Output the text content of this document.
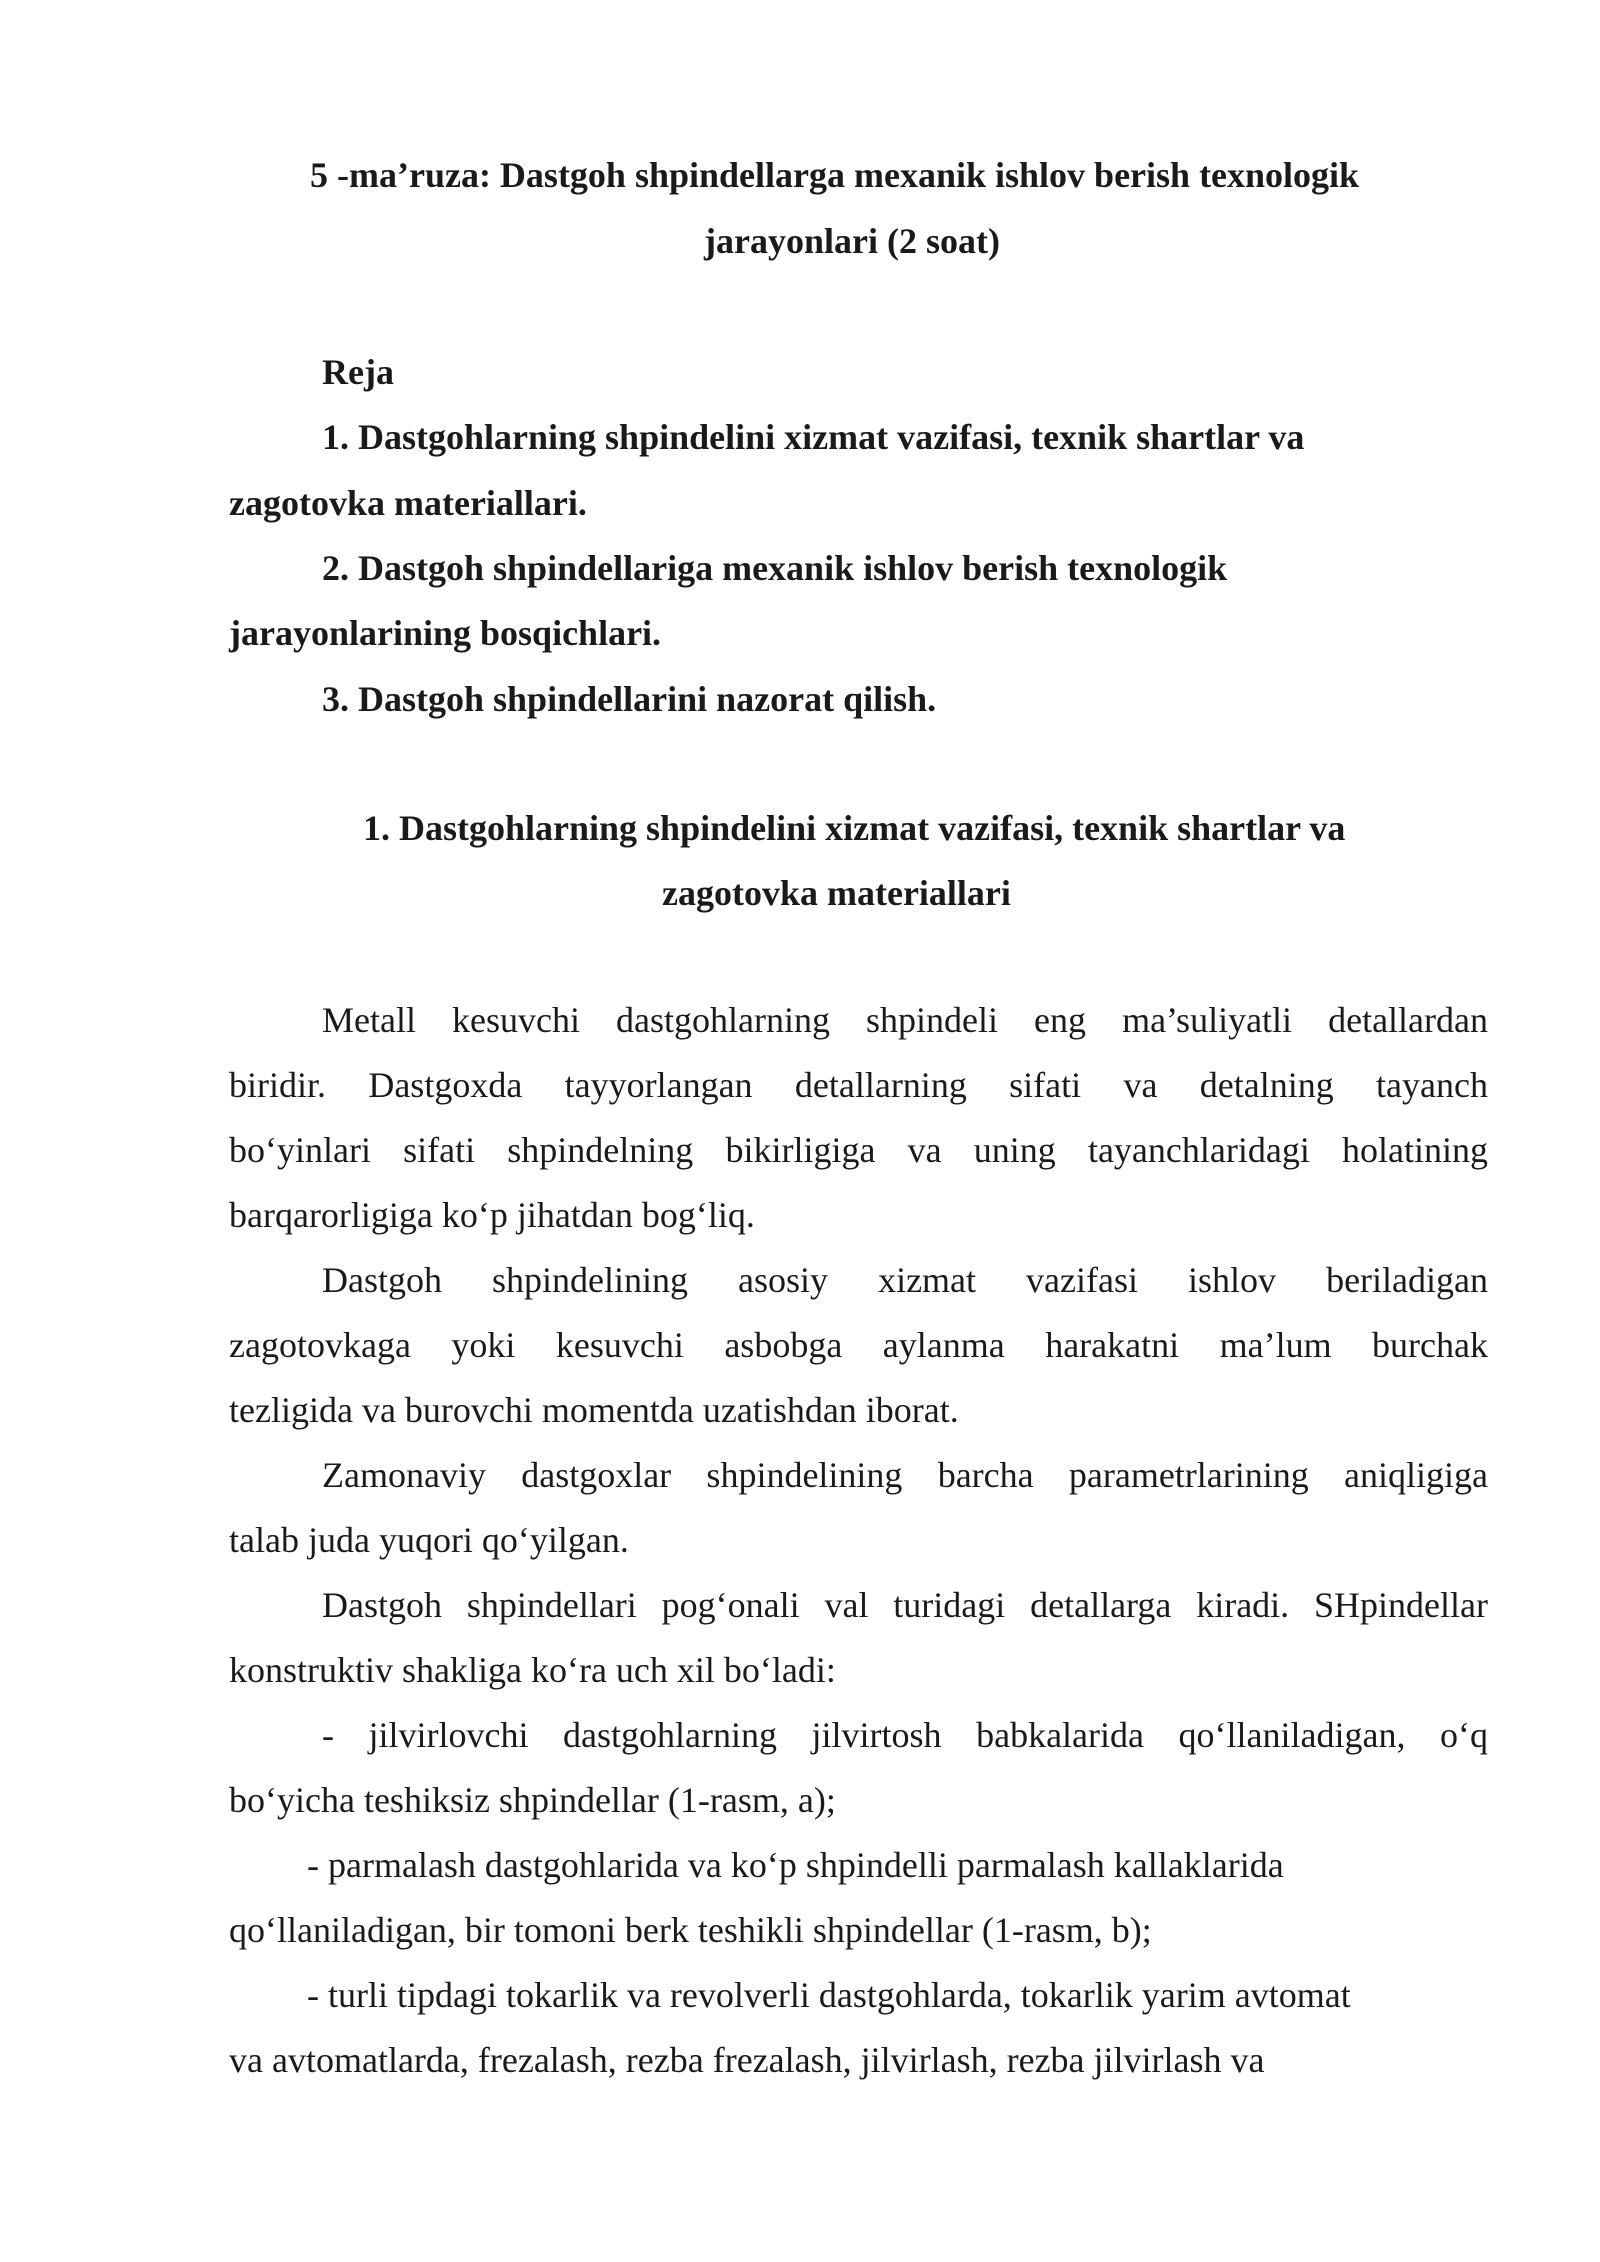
5 -ma’ruza: Dastgoh shpindellarga mexanik ishlov berish texnologik
jarayonlari (2 soat)
Reja
1. Dastgohlarning shpindelini xizmat vazifasi, texnik shartlar va
zagotovka materiallari.
2. Dastgoh shpindellariga mexanik ishlov berish texnologik
jarayonlarining bosqichlari.
3. Dastgoh shpindellarini nazorat qilish.
1. Dastgohlarning shpindelini xizmat vazifasi, texnik shartlar va
zagotovka materiallari
Metall kesuvchi dastgohlarning shpindeli eng ma’suliyatli detallardan
biridir. Dastgoxda tayyorlangan detallarning sifati va detalning tayanch
bo‘yinlari sifati shpindelning bikirligiga va uning tayanchlaridagi holatining
barqarorligiga ko‘p jihatdan bog‘liq.
Dastgoh shpindelining asosiy xizmat vazifasi ishlov beriladigan
zagotovkaga yoki kesuvchi asbobga aylanma harakatni ma’lum burchak
tezligida va burovchi momentda uzatishdan iborat.
Zamonaviy dastgoxlar shpindelining barcha parametrlarining aniqligiga
talab juda yuqori qo‘yilgan.
Dastgoh shpindellari pog‘onali val turidagi detallarga kiradi. SHpindellar
konstruktiv shakliga ko‘ra uch xil bo‘ladi:
- jilvirlovchi dastgohlarning jilvirtosh babkalarida qo‘llaniladigan, o‘q
bo‘yicha teshiksiz shpindellar (1-rasm, a);
- parmalash dastgohlarida va ko‘p shpindelli parmalash kallaklarida
qo‘llaniladigan, bir tomoni berk teshikli shpindellar (1-rasm, b);
- turli tipdagi tokarlik va revolverli dastgohlarda, tokarlik yarim avtomat
va avtomatlarda, frezalash, rezba frezalash, jilvirlash, rezba jilvirlash va
